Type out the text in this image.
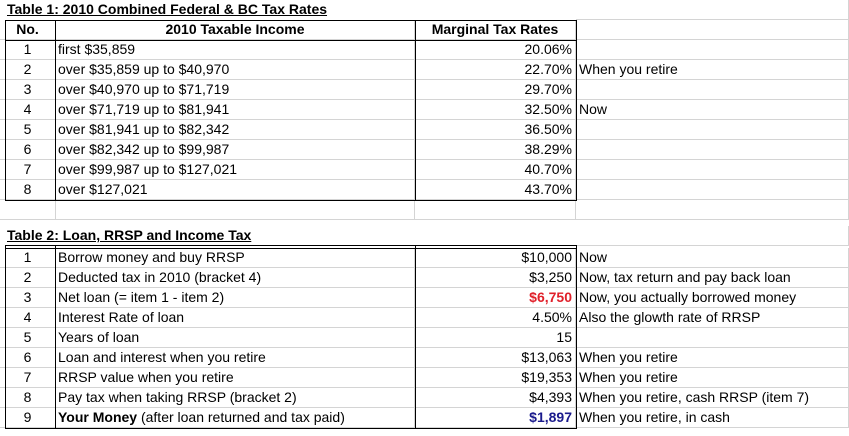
Table 1: 2010 Combined Federal & BC Tax Rates
No.	2010 Taxable Income	Marginal Tax Rates
1	first $35,859	20.06%
2	over $35,859 up to $40,970	22.70% When you retire
3	over $40,970 up to $71,719	29.70%
4	over $71,719 up to $81,941	32.50% Now
5	over $81,941 up to $82,342	36.50%
6	over $82,342 up to $99,987	38.29%
7	over $99,987 up to $127,021	40.70%
8	over $127,021	43.70%
Table 2: Loan, RRSP and Income Tax
1	Borrow money and buy RRSP	$10,000 Now
2	Deducted tax in 2010 (bracket 4)	$3,250 Now, tax return and pay back loan
3	Net loan (= item 1 - item 2)	$6,750 Now, you actually borrowed money
4	Interest Rate of loan	4.50% Also the glowth rate of RRSP
5	Years of loan	15
6	Loan and interest when you retire	$13,063 When you retire
7	RRSP value when you retire	$19,353 When you retire
8	Pay tax when taking RRSP (bracket 2)	$4,393 When you retire, cash RRSP (item 7)
9	Your Money (after loan returned and tax paid)	$1,897 When you retire, in cash
